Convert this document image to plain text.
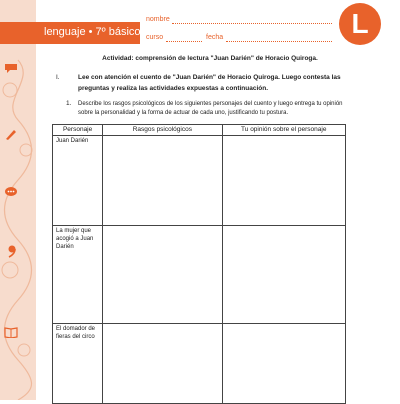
lenguaje • 7º básico
nombre
curso	fecha	L
Actividad: comprensión de lectura "Juan Darién" de Horacio Quiroga.
I.	Lee con atención el cuento de "Juan Darién" de Horacio Quiroga. Luego contesta las preguntas y realiza las actividades expuestas a continuación.
1. Describe los rasgos psicológicos de los siguientes personajes del cuento y luego entrega tu opinión sobre la personalidad y la forma de actuar de cada uno, justificando tu postura.
Personaje	Rasgos psicológicos	Tu opinión sobre el personaje
Juan Darién		
La mujer que acogió a Juan Darién		
El domador de fieras del circo		
